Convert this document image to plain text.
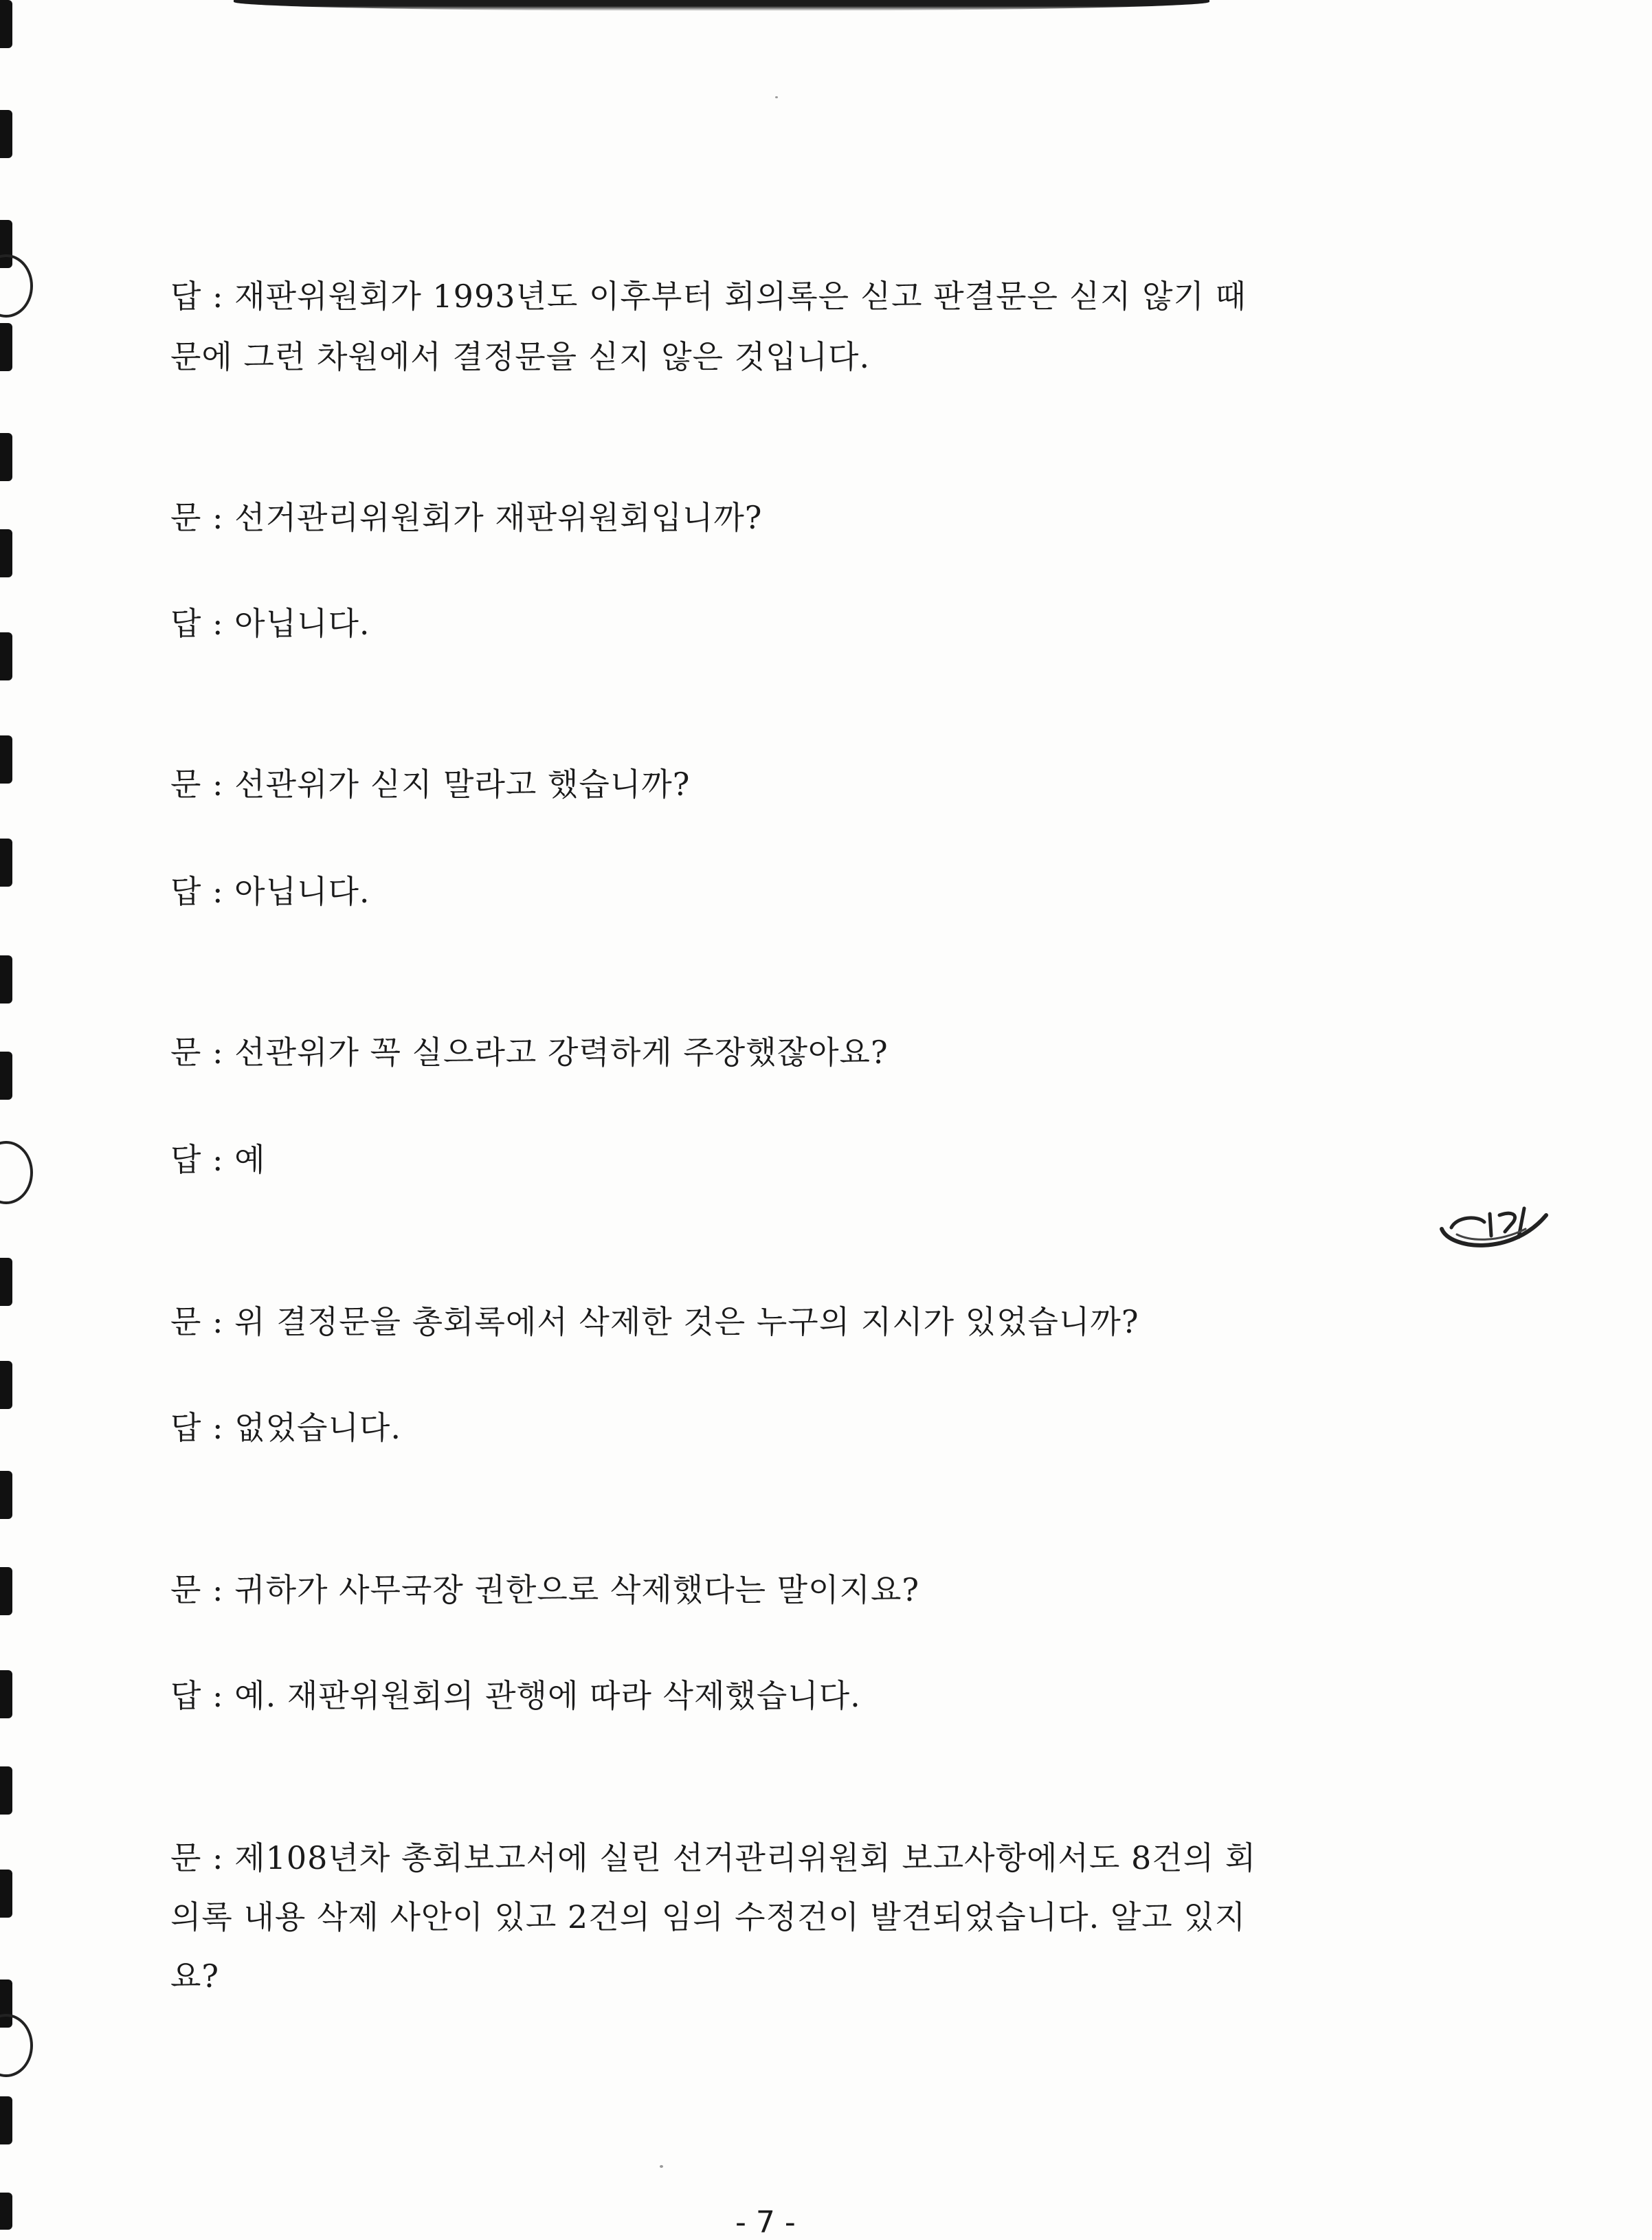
답 : 재판위원회가 1993년도 이후부터 회의록은 싣고 판결문은 싣지 않기 때
문에 그런 차원에서 결정문을 싣지 않은 것입니다.
문 : 선거관리위원회가 재판위원회입니까?
답 : 아닙니다.
문 : 선관위가 싣지 말라고 했습니까?
답 : 아닙니다.
문 : 선관위가 꼭 실으라고 강력하게 주장했잖아요?
답 : 예
문 : 위 결정문을 총회록에서 삭제한 것은 누구의 지시가 있었습니까?
답 : 없었습니다.
문 : 귀하가 사무국장 권한으로 삭제했다는 말이지요?
답 : 예. 재판위원회의 관행에 따라 삭제했습니다.
문 : 제108년차 총회보고서에 실린 선거관리위원회 보고사항에서도 8건의 회
의록 내용 삭제 사안이 있고 2건의 임의 수정건이 발견되었습니다. 알고 있지
요?
- 7 -
